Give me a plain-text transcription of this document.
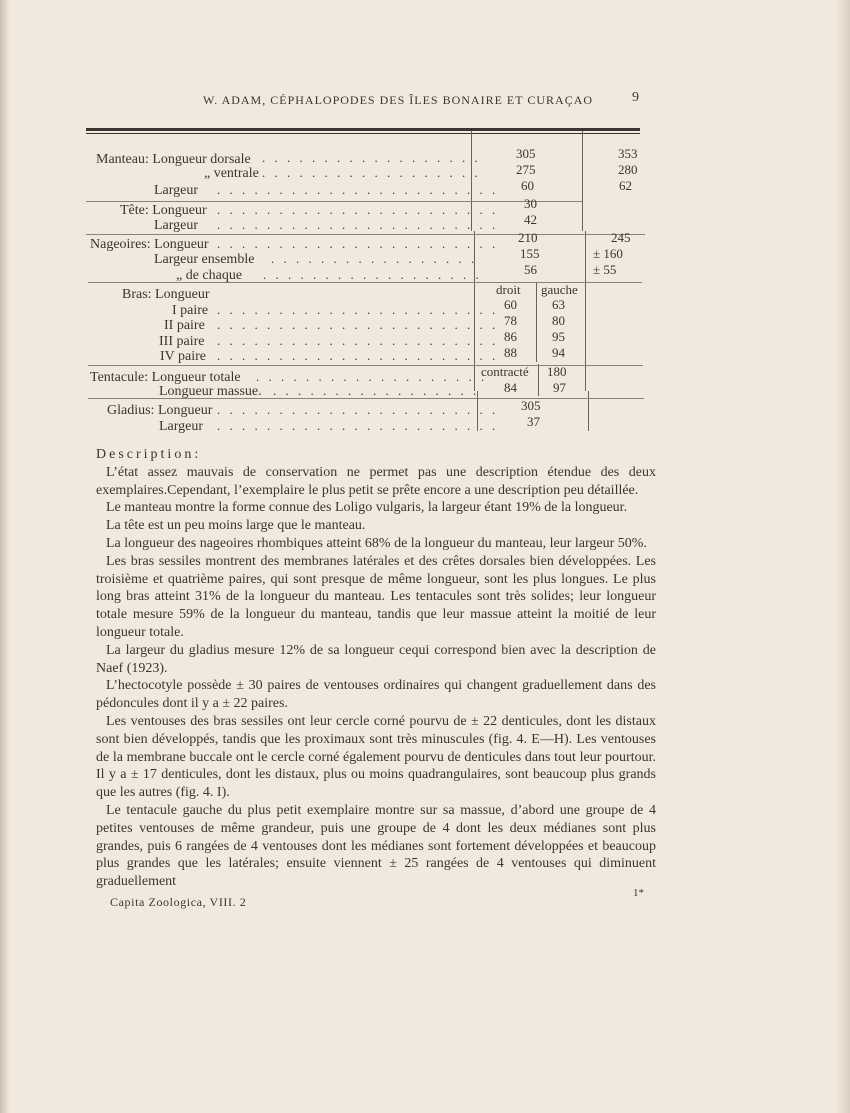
W. ADAM, CÉPHALOPODES DES ÎLES BONAIRE ET CURAÇAO	9
Manteau: Longueur dorsale
„ ventrale
Largeur
Tête: Longueur
Largeur
Nageoires: Longueur
Largeur ensemble
„ de chaque
Bras: Longueur
I paire
II paire
III paire
IV paire
Tentacule: Longueur totale
Longueur massue.
Gladius: Longueur
Largeur
. . . . . . . . . . . . . . . . . .
. . . . . . . . . . . . . . . . . .
. . . . . . . . . . . . . . . . . . . . . . .
. . . . . . . . . . . . . . . . . . . . . . .
. . . . . . . . . . . . . . . . . . . . . . .
. . . . . . . . . . . . . . . . . . . . . . .
. . . . . . . . . . . . . . . . .
. . . . . . . . . . . . . . . . . .
. . . . . . . . . . . . . . . . . . . . . . .
. . . . . . . . . . . . . . . . . . . . . . .
. . . . . . . . . . . . . . . . . . . . . . .
. . . . . . . . . . . . . . . . . . . . . . .
. . . . . . . . . . . . . . . . . . .
. . . . . . . . . . . . . . . . .
. . . . . . . . . . . . . . . . . . . . . . .
. . . . . . . . . . . . . . . . . . . . . . .
305
275
60
30
42
210
155
56
305
37
353
280
62
245
± 160
± 55
droit gauche
60
78
86
88
63
80
95
94
contracté
84
180
97

Description:

L’état assez mauvais de conservation ne permet pas une description étendue des deux exemplaires.Cependant, l’exemplaire le plus petit se prête encore a une description peu détaillée.

Le manteau montre la forme connue des Loligo vulgaris, la largeur étant 19% de la longueur.

La tête est un peu moins large que le manteau.

La longueur des nageoires rhombiques atteint 68% de la longueur du manteau, leur largeur 50%.

Les bras sessiles montrent des membranes latérales et des crêtes dorsales bien développées. Les troisième et quatrième paires, qui sont presque de même longueur, sont les plus longues. Le plus long bras atteint 31% de la longueur du manteau. Les tentacules sont très solides; leur longueur totale mesure 59% de la longueur du manteau, tandis que leur massue atteint la moitié de leur longueur totale.

La largeur du gladius mesure 12% de sa longueur cequi correspond bien avec la description de Naef (1923).

L’hectocotyle possède ± 30 paires de ventouses ordinaires qui changent graduellement dans des pédoncules dont il y a ± 22 paires.

Les ventouses des bras sessiles ont leur cercle corné pourvu de ± 22 denticules, dont les distaux sont bien développés, tandis que les proximaux sont très minuscules (fig. 4. E—H). Les ventouses de la membrane buccale ont le cercle corné également pourvu de denticules dans tout leur pourtour. Il y a ± 17 denticules, dont les distaux, plus ou moins quadrangulaires, sont beaucoup plus grands que les autres (fig. 4. I).

Le tentacule gauche du plus petit exemplaire montre sur sa massue, d’abord une groupe de 4 petites ventouses de même grandeur, puis une groupe de 4 dont les deux médianes sont plus grandes, puis 6 rangées de 4 ventouses dont les médianes sont fortement développées et beaucoup plus grandes que les latérales; ensuite viennent ± 25 rangées de 4 ventouses qui diminuent graduellement

Capita Zoologica, VIII. 2
1*
